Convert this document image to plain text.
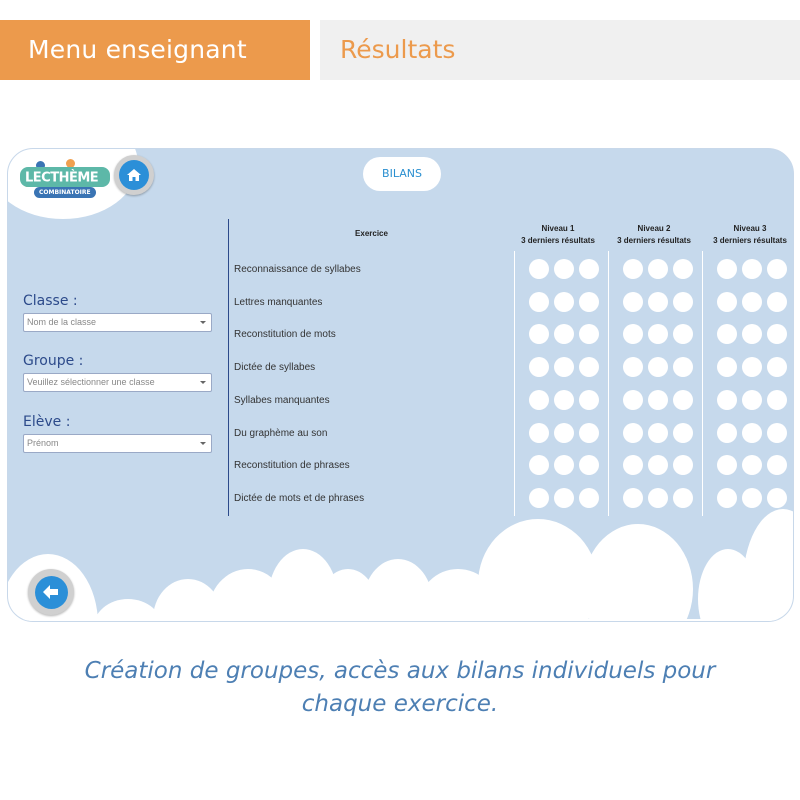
Menu enseignant	Résultats
LECTHÈME+
COMBINATOIRE
BILANS
Classe :
Nom de la classe
Groupe :
Veuillez sélectionner une classe
Elève :
Prénom
Exercice
Niveau 1
3 derniers résultats
Niveau 2
3 derniers résultats
Niveau 3
3 derniers résultats
Reconnaissance de syllabes
Lettres manquantes
Reconstitution de mots
Dictée de syllabes
Syllabes manquantes
Du graphème au son
Reconstitution de phrases
Dictée de mots et de phrases
Création de groupes, accès aux bilans individuels pour
chaque exercice.
